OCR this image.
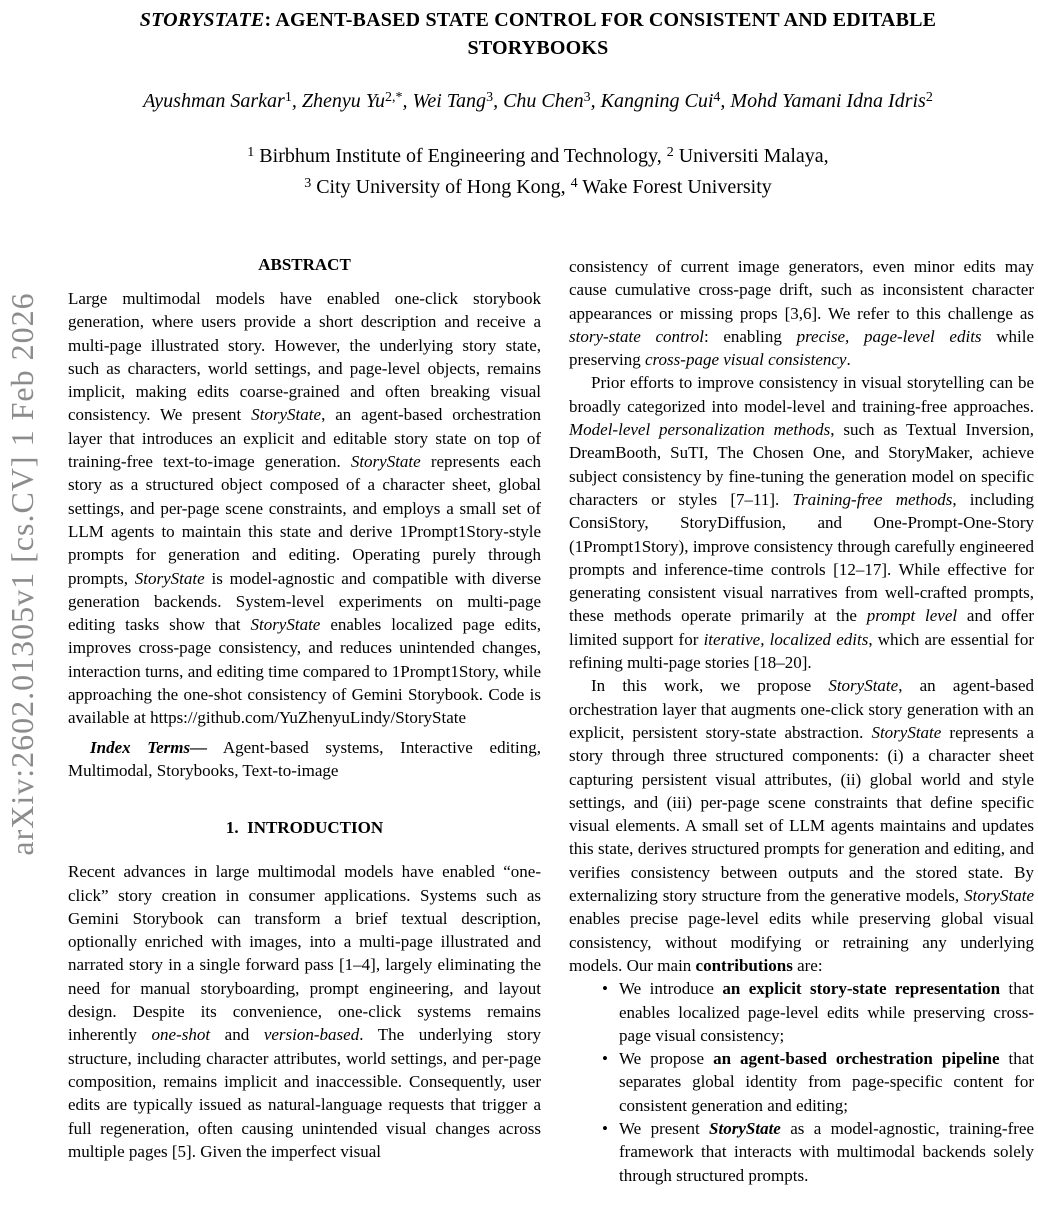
arXiv:2602.01305v1 [cs.CV] 1 Feb 2026
STORYSTATE: AGENT-BASED STATE CONTROL FOR CONSISTENT AND EDITABLE STORYBOOKS
Ayushman Sarkar$^1$, Zhenyu $Yu^{2,*}$, Wei Tang$^3$, Chu Chen$^3$, Kangning Cui$^4$, Mohd Yamani Idna Idris$^2$
$^1$ Birbhum Institute of Engineering and Technology, $^2$ Universiti Malaya,
$^3$ City University of Hong Kong, $^4$ Wake Forest University
ABSTRACT
Large multimodal models have enabled one-click storybook generation, where users provide a short description and receive a multi-page illustrated story. However, the underlying story state, such as characters, world settings, and page-level objects, remains implicit, making edits coarse-grained and often breaking visual consistency. We present StoryState, an agent-based orchestration layer that introduces an explicit and editable story state on top of training-free text-to-image generation. StoryState represents each story as a structured object composed of a character sheet, global settings, and per-page scene constraints, and employs a small set of LLM agents to maintain this state and derive 1Prompt1Story-style prompts for generation and editing. Operating purely through prompts, StoryState is model-agnostic and compatible with diverse generation backends. System-level experiments on multi-page editing tasks show that StoryState enables localized page edits, improves cross-page consistency, and reduces unintended changes, interaction turns, and editing time compared to 1Prompt1Story, while approaching the one-shot consistency of Gemini Storybook. Code is available at https://github.com/YuZhenyuLindy/StoryState
Index Terms— Agent-based systems, Interactive editing, Multimodal, Storybooks, Text-to-image
1.  INTRODUCTION
Recent advances in large multimodal models have enabled “one-click” story creation in consumer applications. Systems such as Gemini Storybook can transform a brief textual description, optionally enriched with images, into a multi-page illustrated and narrated story in a single forward pass [1–4], largely eliminating the need for manual storyboarding, prompt engineering, and layout design. Despite its convenience, one-click systems remains inherently one-shot and version-based. The underlying story structure, including character attributes, world settings, and per-page composition, remains implicit and inaccessible. Consequently, user edits are typically issued as natural-language requests that trigger a full regeneration, often causing unintended visual changes across multiple pages [5]. Given the imperfect visual
consistency of current image generators, even minor edits may cause cumulative cross-page drift, such as inconsistent character appearances or missing props [3,6]. We refer to this challenge as story-state control: enabling precise, page-level edits while preserving cross-page visual consistency.
Prior efforts to improve consistency in visual storytelling can be broadly categorized into model-level and training-free approaches. Model-level personalization methods, such as Textual Inversion, DreamBooth, SuTI, The Chosen One, and StoryMaker, achieve subject consistency by fine-tuning the generation model on specific characters or styles [7–11]. Training-free methods, including ConsiStory, StoryDiffusion, and One-Prompt-One-Story (1Prompt1Story), improve consistency through carefully engineered prompts and inference-time controls [12–17]. While effective for generating consistent visual narratives from well-crafted prompts, these methods operate primarily at the prompt level and offer limited support for iterative, localized edits, which are essential for refining multi-page stories [18–20].
In this work, we propose StoryState, an agent-based orchestration layer that augments one-click story generation with an explicit, persistent story-state abstraction. StoryState represents a story through three structured components: (i) a character sheet capturing persistent visual attributes, (ii) global world and style settings, and (iii) per-page scene constraints that define specific visual elements. A small set of LLM agents maintains and updates this state, derives structured prompts for generation and editing, and verifies consistency between outputs and the stored state. By externalizing story structure from the generative models, StoryState enables precise page-level edits while preserving global visual consistency, without modifying or retraining any underlying models. Our main contributions are:
• We introduce an explicit story-state representation that enables localized page-level edits while preserving cross-page visual consistency;
• We propose an agent-based orchestration pipeline that separates global identity from page-specific content for consistent generation and editing;
• We present StoryState as a model-agnostic, training-free framework that interacts with multimodal backends solely through structured prompts.
